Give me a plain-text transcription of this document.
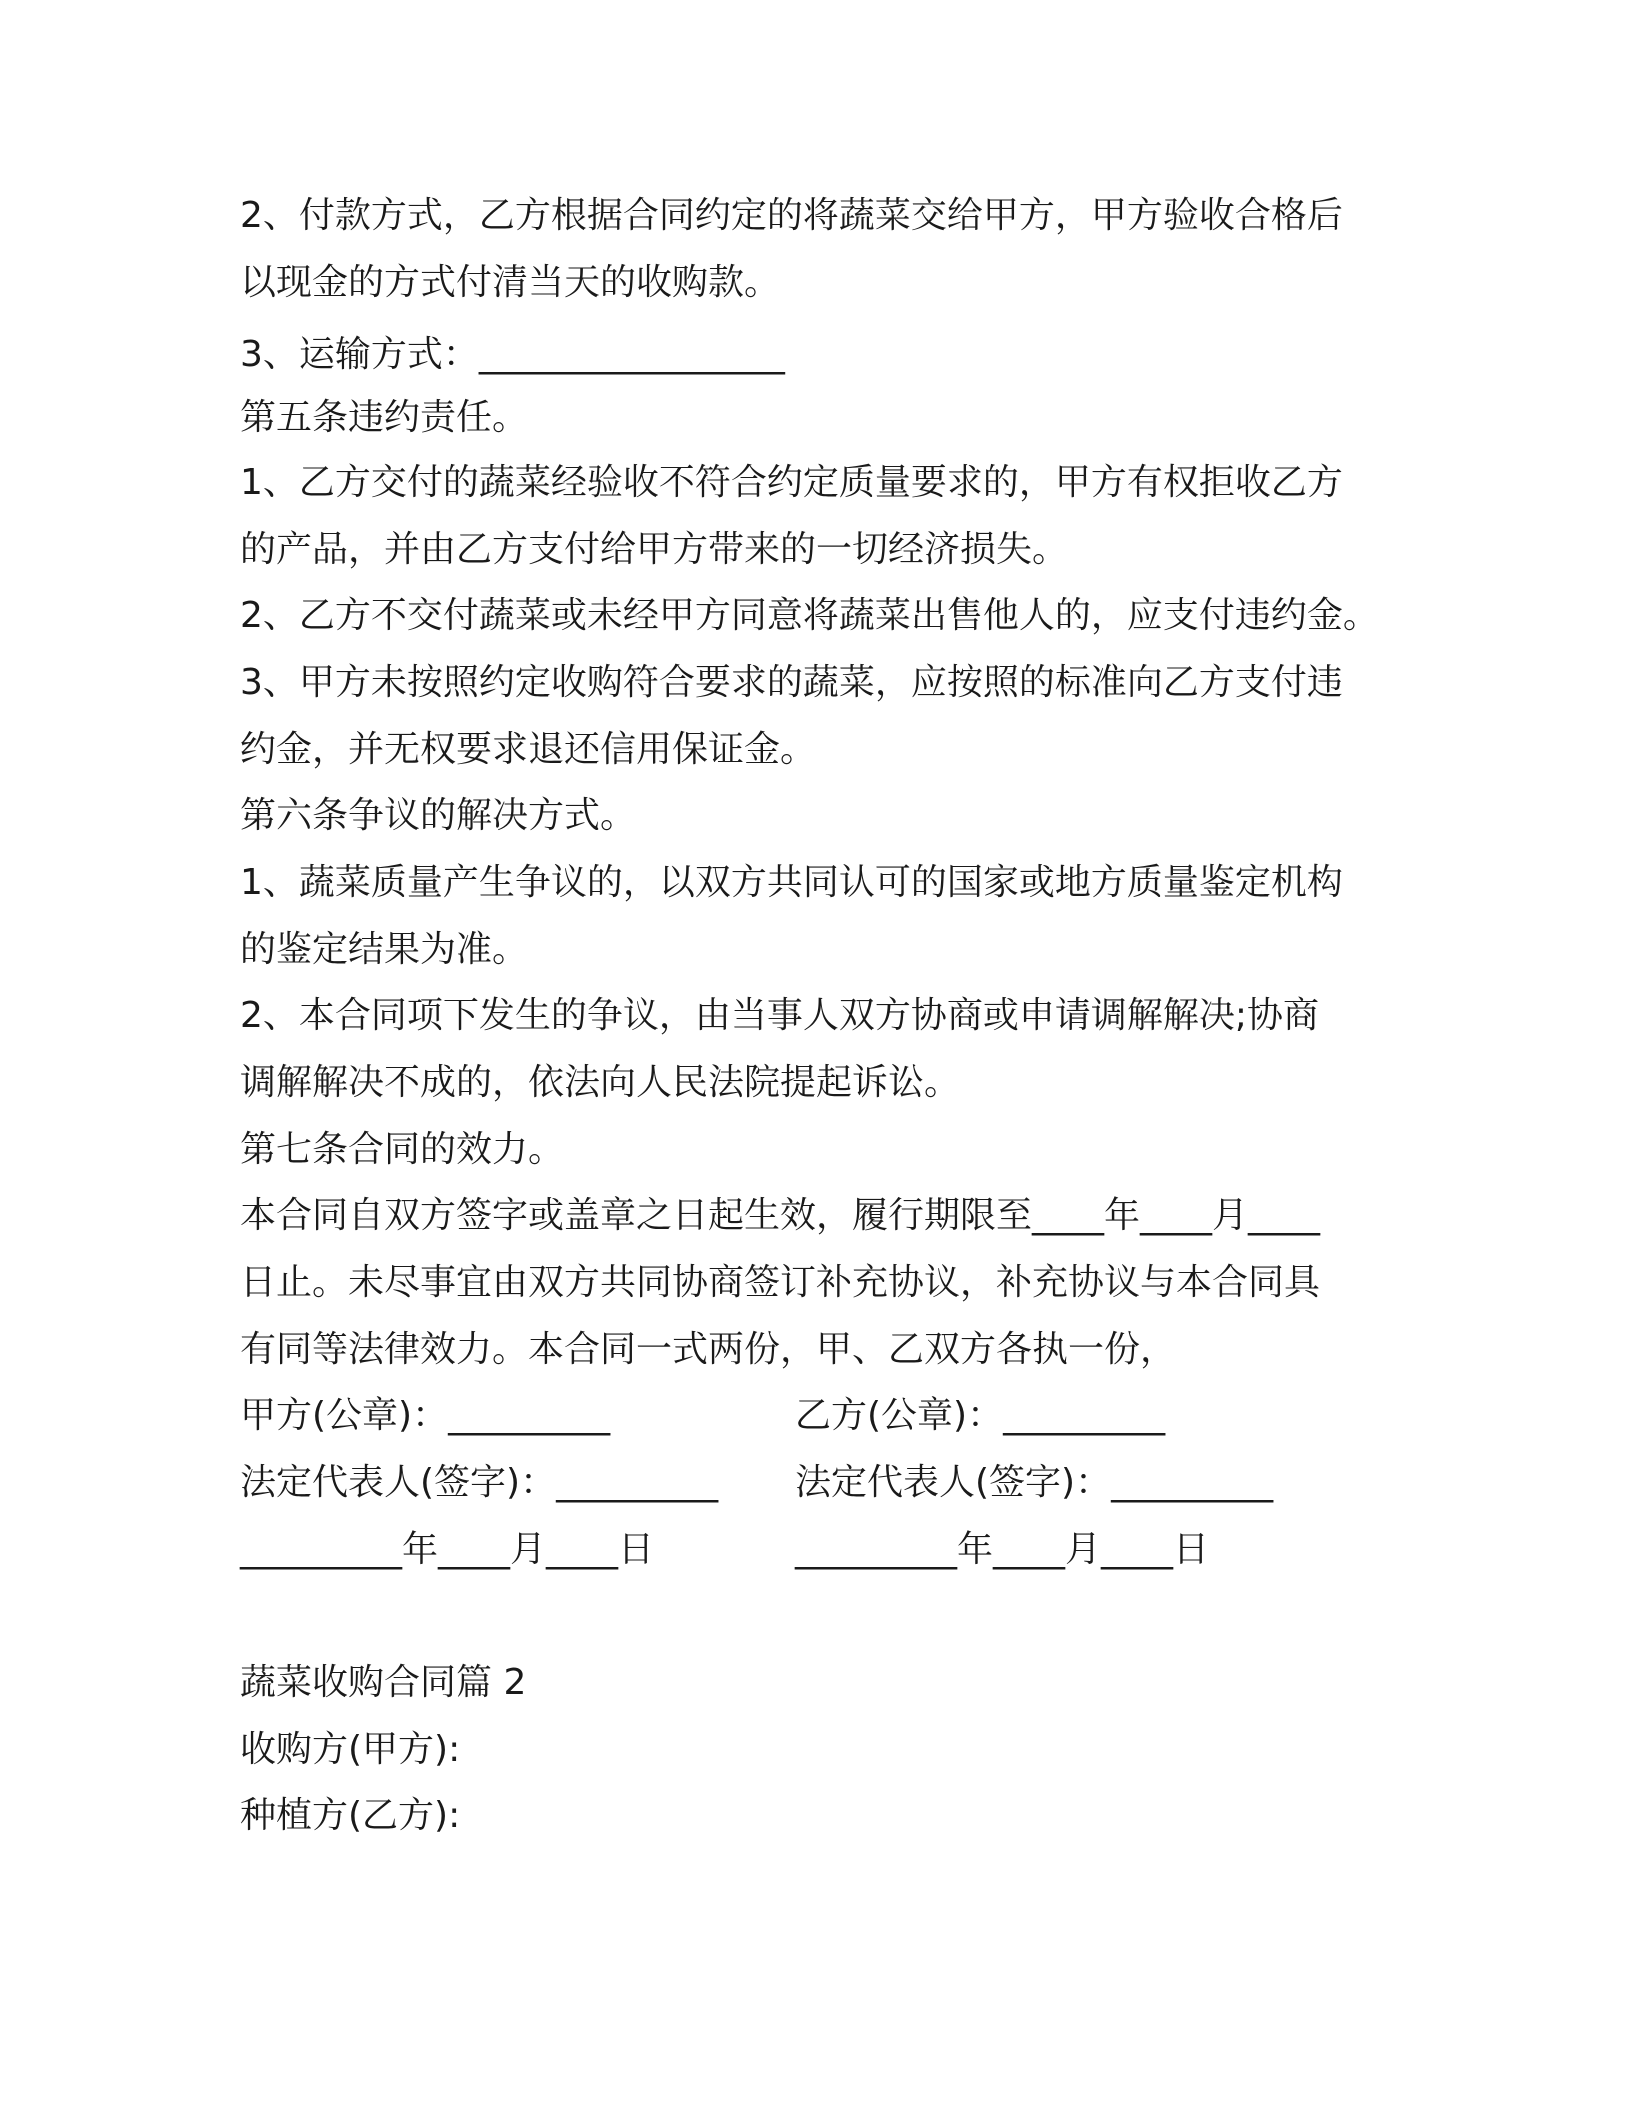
2、付款方式，乙方根据合同约定的将蔬菜交给甲方，甲方验收合格后
以现金的方式付清当天的收购款。
3、运输方式：_________________
第五条违约责任。
1、乙方交付的蔬菜经验收不符合约定质量要求的，甲方有权拒收乙方
的产品，并由乙方支付给甲方带来的一切经济损失。
2、乙方不交付蔬菜或未经甲方同意将蔬菜出售他人的，应支付违约金。
3、甲方未按照约定收购符合要求的蔬菜，应按照的标准向乙方支付违
约金，并无权要求退还信用保证金。
第六条争议的解决方式。
1、蔬菜质量产生争议的，以双方共同认可的国家或地方质量鉴定机构
的鉴定结果为准。
2、本合同项下发生的争议，由当事人双方协商或申请调解解决;协商
调解解决不成的，依法向人民法院提起诉讼。
第七条合同的效力。
本合同自双方签字或盖章之日起生效，履行期限至____年____月____
日止。未尽事宜由双方共同协商签订补充协议，补充协议与本合同具
有同等法律效力。本合同一式两份，甲、乙双方各执一份，
甲方(公章)：_________	乙方(公章)：_________
法定代表人(签字)：_________ 法定代表人(签字)：_________
_________年____月____日	_________年____月____日
蔬菜收购合同篇 2
收购方(甲方):
种植方(乙方):
